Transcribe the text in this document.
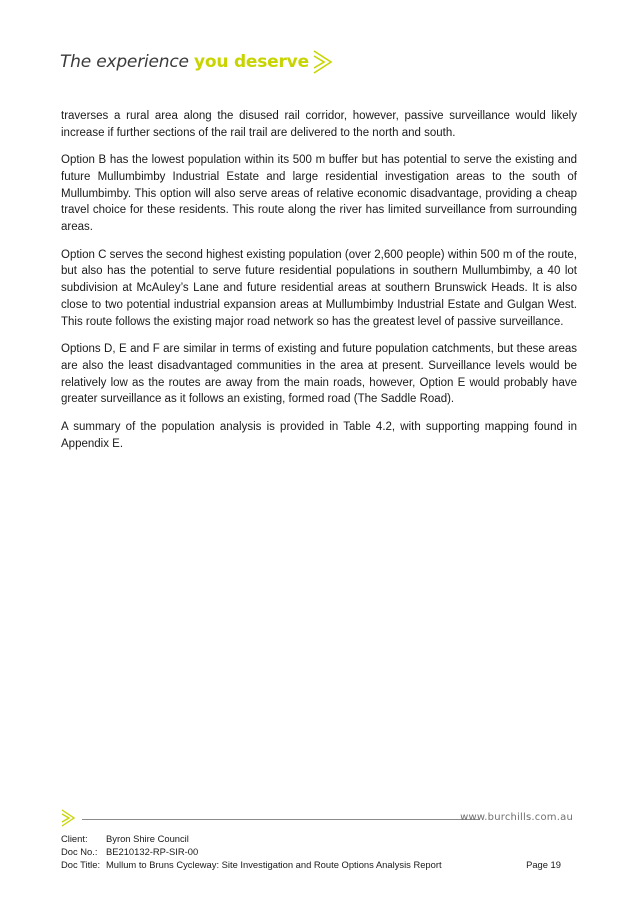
The experience you deserve

traverses a rural area along the disused rail corridor, however, passive surveillance would likely increase if further sections of the rail trail are delivered to the north and south.

Option B has the lowest population within its 500 m buffer but has potential to serve the existing and future Mullumbimby Industrial Estate and large residential investigation areas to the south of Mullumbimby. This option will also serve areas of relative economic disadvantage, providing a cheap travel choice for these residents. This route along the river has limited surveillance from surrounding areas.

Option C serves the second highest existing population (over 2,600 people) within 500 m of the route, but also has the potential to serve future residential populations in southern Mullumbimby, a 40 lot subdivision at McAuley’s Lane and future residential areas at southern Brunswick Heads. It is also close to two potential industrial expansion areas at Mullumbimby Industrial Estate and Gulgan West. This route follows the existing major road network so has the greatest level of passive surveillance.

Options D, E and F are similar in terms of existing and future population catchments, but these areas are also the least disadvantaged communities in the area at present. Surveillance levels would be relatively low as the routes are away from the main roads, however, Option E would probably have greater surveillance as it follows an existing, formed road (The Saddle Road).

A summary of the population analysis is provided in Table 4.2, with supporting mapping found in Appendix E.

www.burchills.com.au
Client:	Byron Shire Council
Doc No.: BE210132-RP-SIR-00
Doc Title: Mullum to Bruns Cycleway: Site Investigation and Route Options Analysis Report	Page 19
